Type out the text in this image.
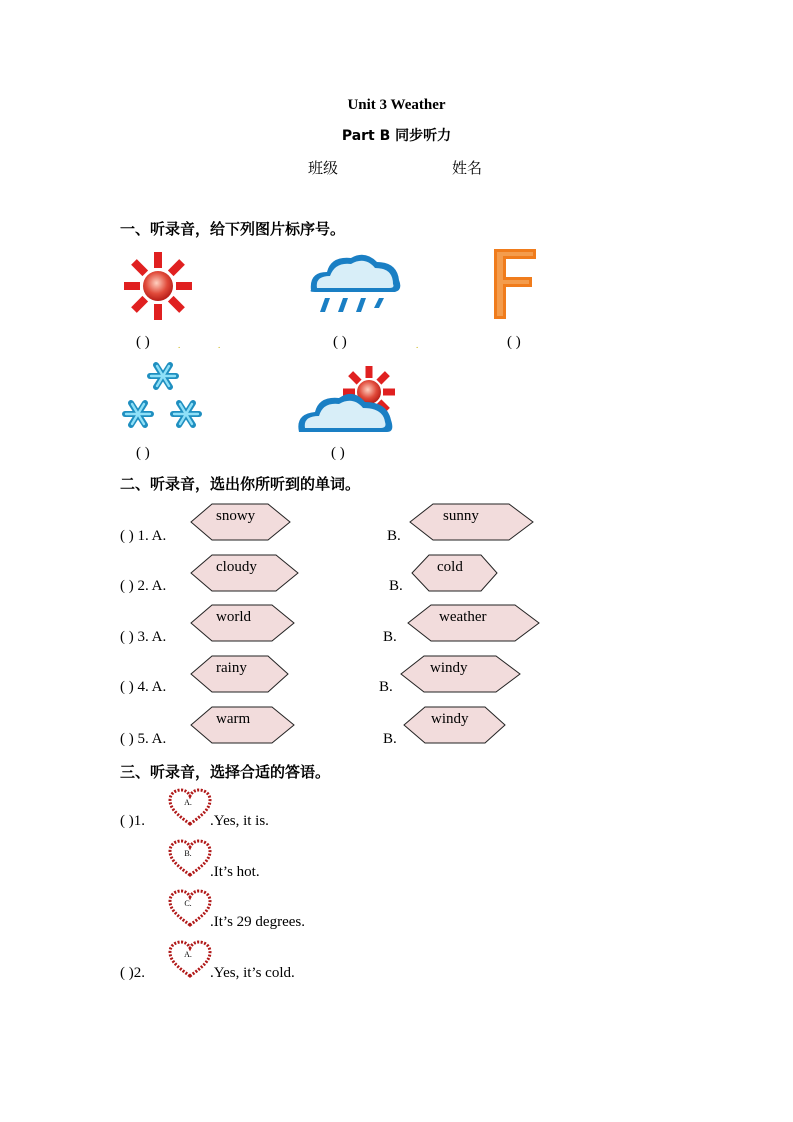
Unit 3 Weather
Part B 同步听力
班级	姓名
一、听录音，给下列图片标序号。
( )	.	.	( )	.	( )
( )	( )
二、听录音，选出你所听到的单词。
( ) 1. A.
snowy
B.
sunny
( ) 2. A.
cloudy
B.
cold
( ) 3. A.
world
B.
weather
( ) 4. A.
rainy
B.
windy
( ) 5. A.
warm
B.
windy
三、听录音，选择合适的答语。
( )1.
A.
.Yes, it is.
B.
.It’s hot.
C.
.It’s 29 degrees.
( )2.
A.
.Yes, it’s cold.
